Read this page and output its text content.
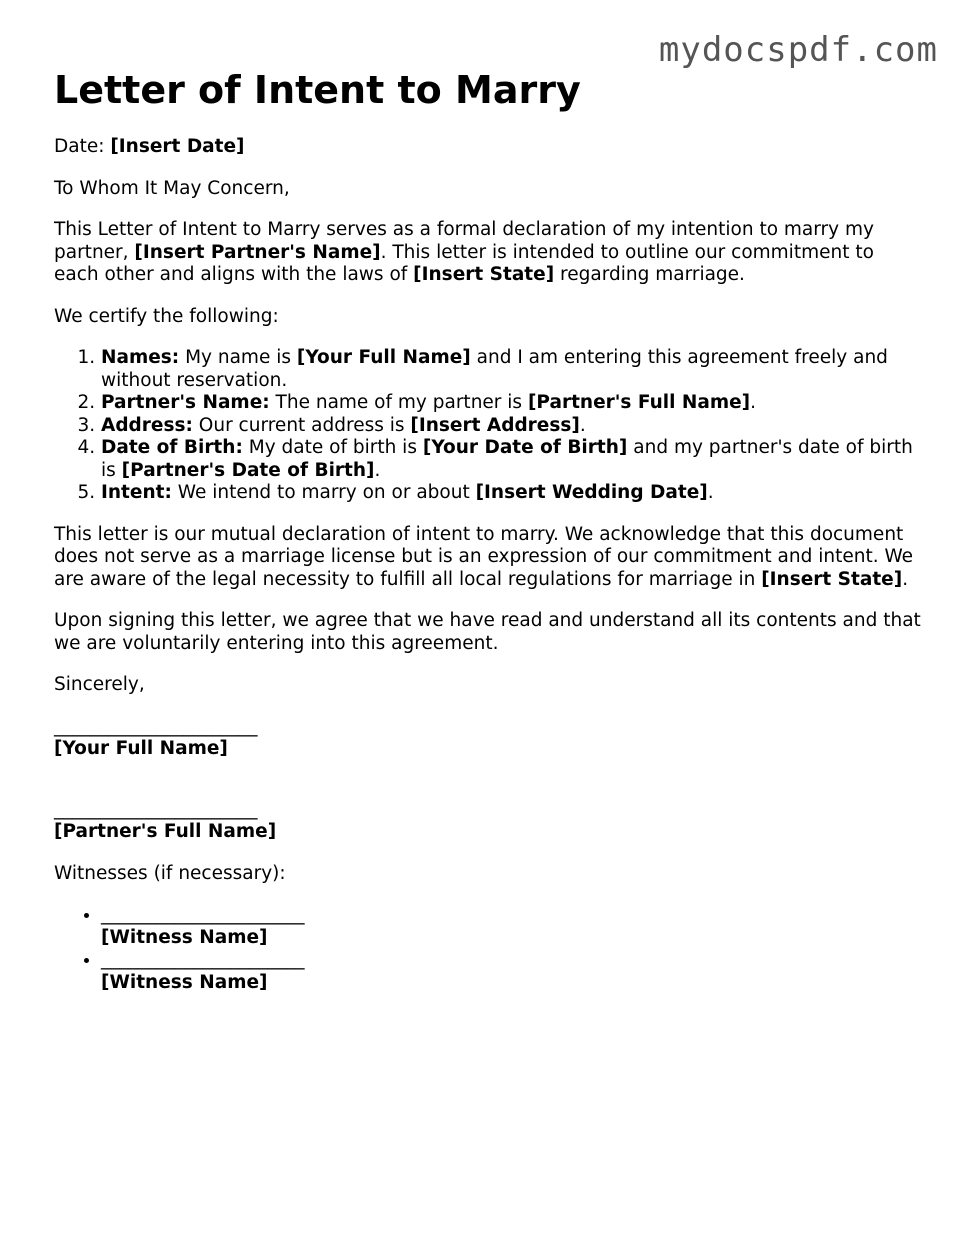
mydocspdf.com
Letter of Intent to Marry

Date: [Insert Date]

To Whom It May Concern,

This Letter of Intent to Marry serves as a formal declaration of my intention to marry my partner, [Insert Partner's Name]. This letter is intended to outline our commitment to each other and aligns with the laws of [Insert State] regarding marriage.

We certify the following:

1. Names: My name is [Your Full Name] and I am entering this agreement freely and without reservation.
2. Partner's Name: The name of my partner is [Partner's Full Name].
3. Address: Our current address is [Insert Address].
4. Date of Birth: My date of birth is [Your Date of Birth] and my partner's date of birth is [Partner's Date of Birth].
5. Intent: We intend to marry on or about [Insert Wedding Date].

This letter is our mutual declaration of intent to marry. We acknowledge that this document does not serve as a marriage license but is an expression of our commitment and intent. We are aware of the legal necessity to fulfill all local regulations for marriage in [Insert State].

Upon signing this letter, we agree that we have read and understand all its contents and that we are voluntarily entering into this agreement.

Sincerely,

______________________
[Your Full Name]
______________________
[Partner's Full Name]

Witnesses (if necessary):

• ______________________
[Witness Name]
• ______________________
[Witness Name]
